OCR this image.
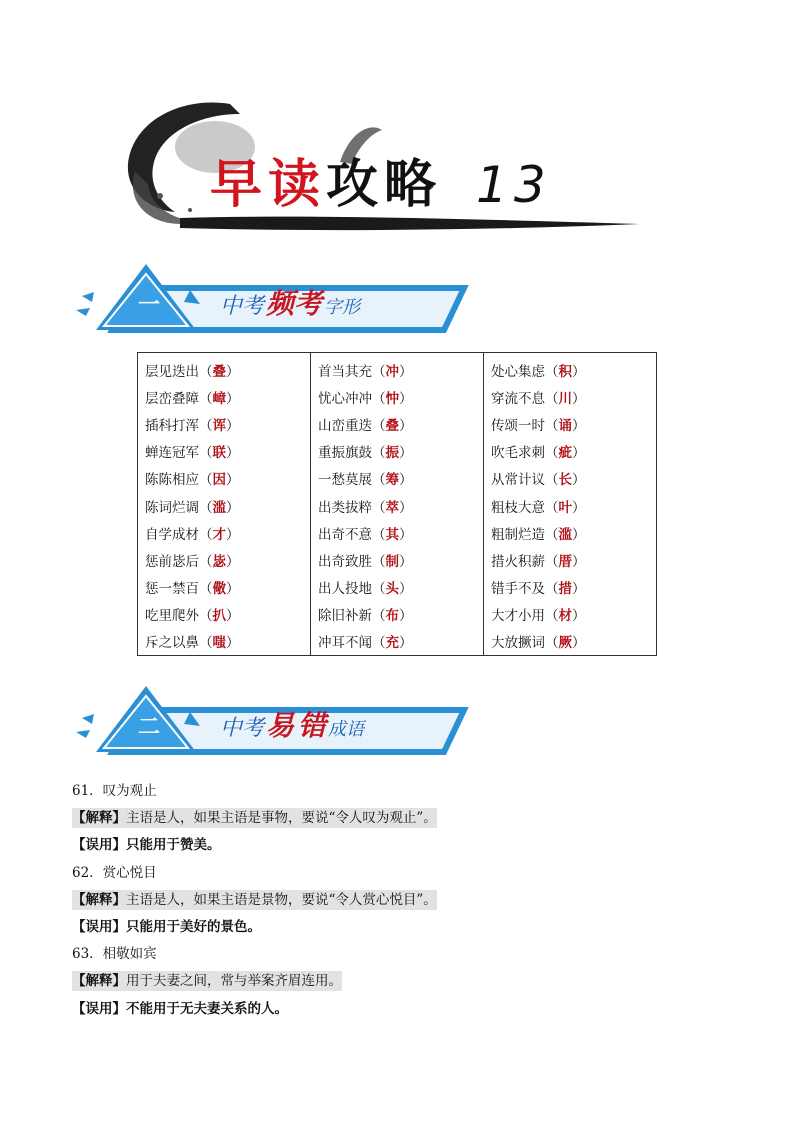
早读攻略 13
一	中考频考 字形
层见迭出（叠）	首当其充（冲）	处心集虑（积）
层峦叠障（嶂）	忧心冲冲（忡）	穿流不息（川）
插科打浑（诨）	山峦重迭（叠）	传颂一时（诵）
蝉连冠军（联）	重振旗鼓（振）	吹毛求刺（疵）
陈陈相应（因）	一愁莫展（筹）	从常计议（长）
陈词烂调（滥）	出类拔粹（萃）	粗枝大意（叶）
自学成材（才）	出奇不意（其）	粗制烂造（滥）
惩前毖后（毖）	出奇致胜（制）	措火积薪（厝）
惩一禁百（儆）	出人投地（头）	错手不及（措）
吃里爬外（扒）	除旧补新（布）	大才小用（材）
斥之以鼻（嗤）	冲耳不闻（充）	大放撅词（厥）
二	中考易 错 成语
61．叹为观止
【解释】主语是人，如果主语是事物，要说“令人叹为观止”。
【误用】只能用于赞美。
62．赏心悦目
【解释】主语是人，如果主语是景物，要说“令人赏心悦目”。
【误用】只能用于美好的景色。
63．相敬如宾
【解释】用于夫妻之间，常与举案齐眉连用。
【误用】不能用于无夫妻关系的人。
